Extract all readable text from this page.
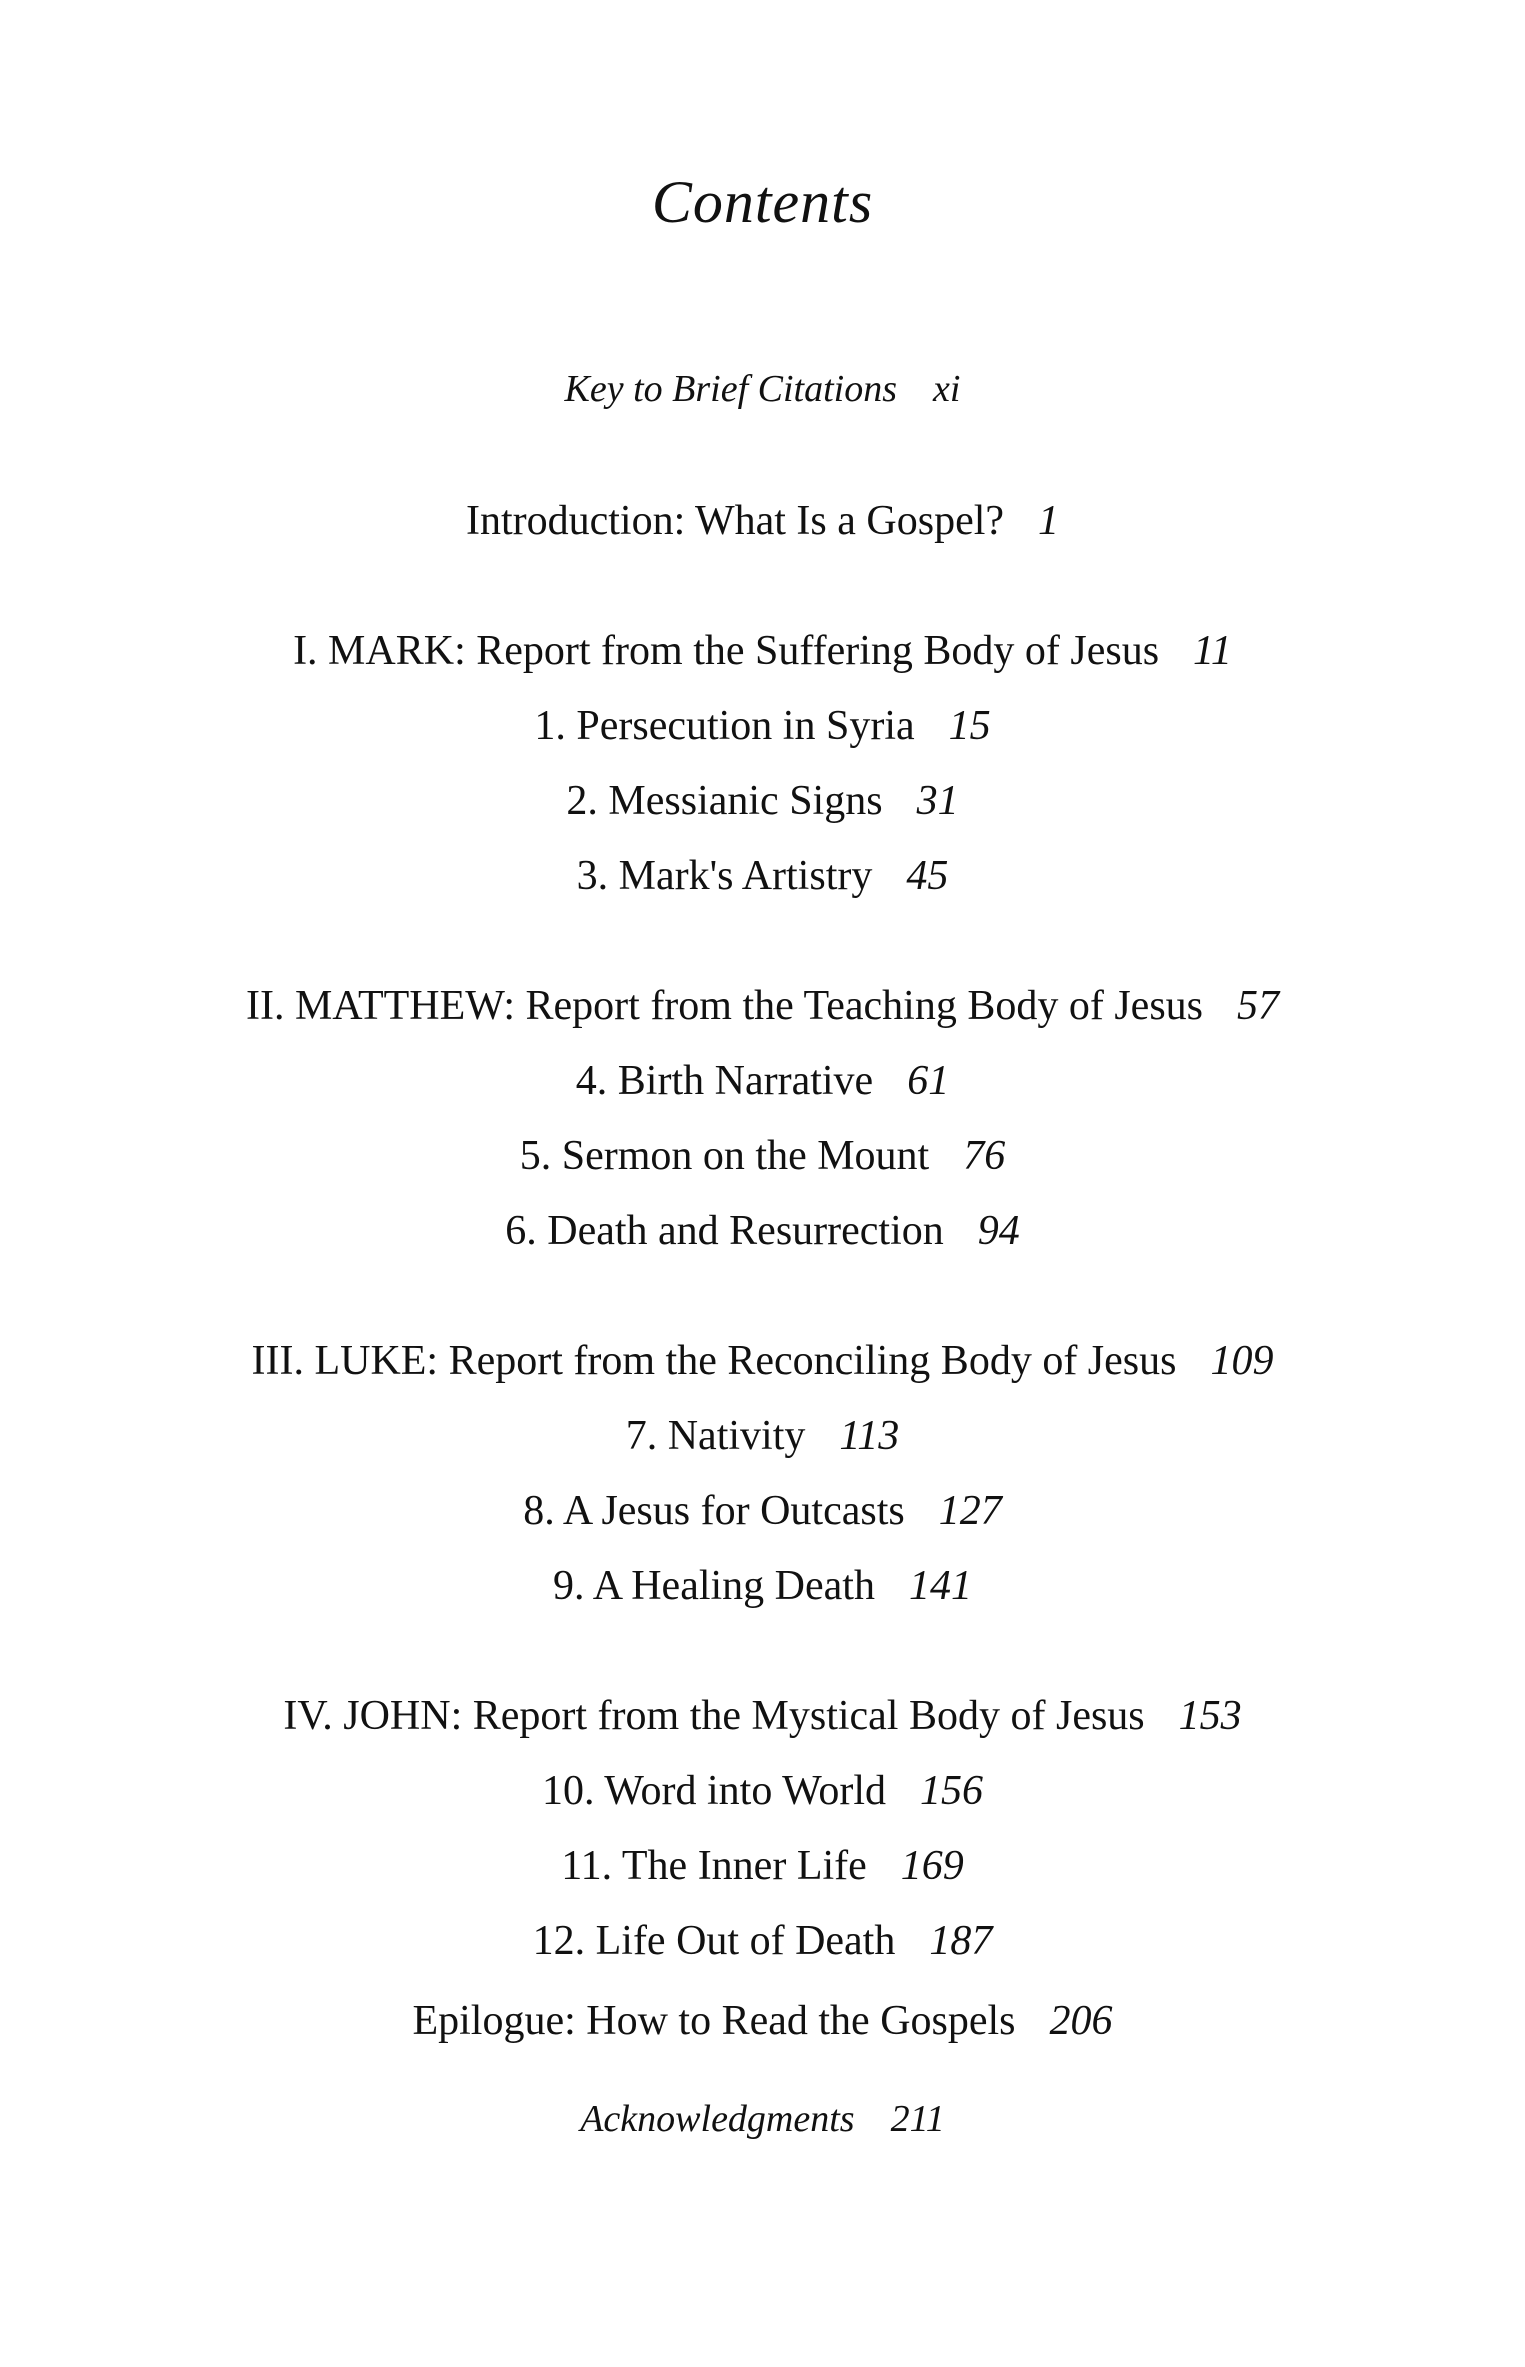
Contents
Key to Brief Citations xi
Introduction: What Is a Gospel? 1
I. MARK: Report from the Suffering Body of Jesus 11
1. Persecution in Syria 15
2. Messianic Signs 31
3. Mark's Artistry 45
II. MATTHEW: Report from the Teaching Body of Jesus 57
4. Birth Narrative 61
5. Sermon on the Mount 76
6. Death and Resurrection 94
III. LUKE: Report from the Reconciling Body of Jesus 109
7. Nativity 113
8. A Jesus for Outcasts 127
9. A Healing Death 141
IV. JOHN: Report from the Mystical Body of Jesus 153
10. Word into World 156
11. The Inner Life 169
12. Life Out of Death 187
Epilogue: How to Read the Gospels 206
Acknowledgments 211
